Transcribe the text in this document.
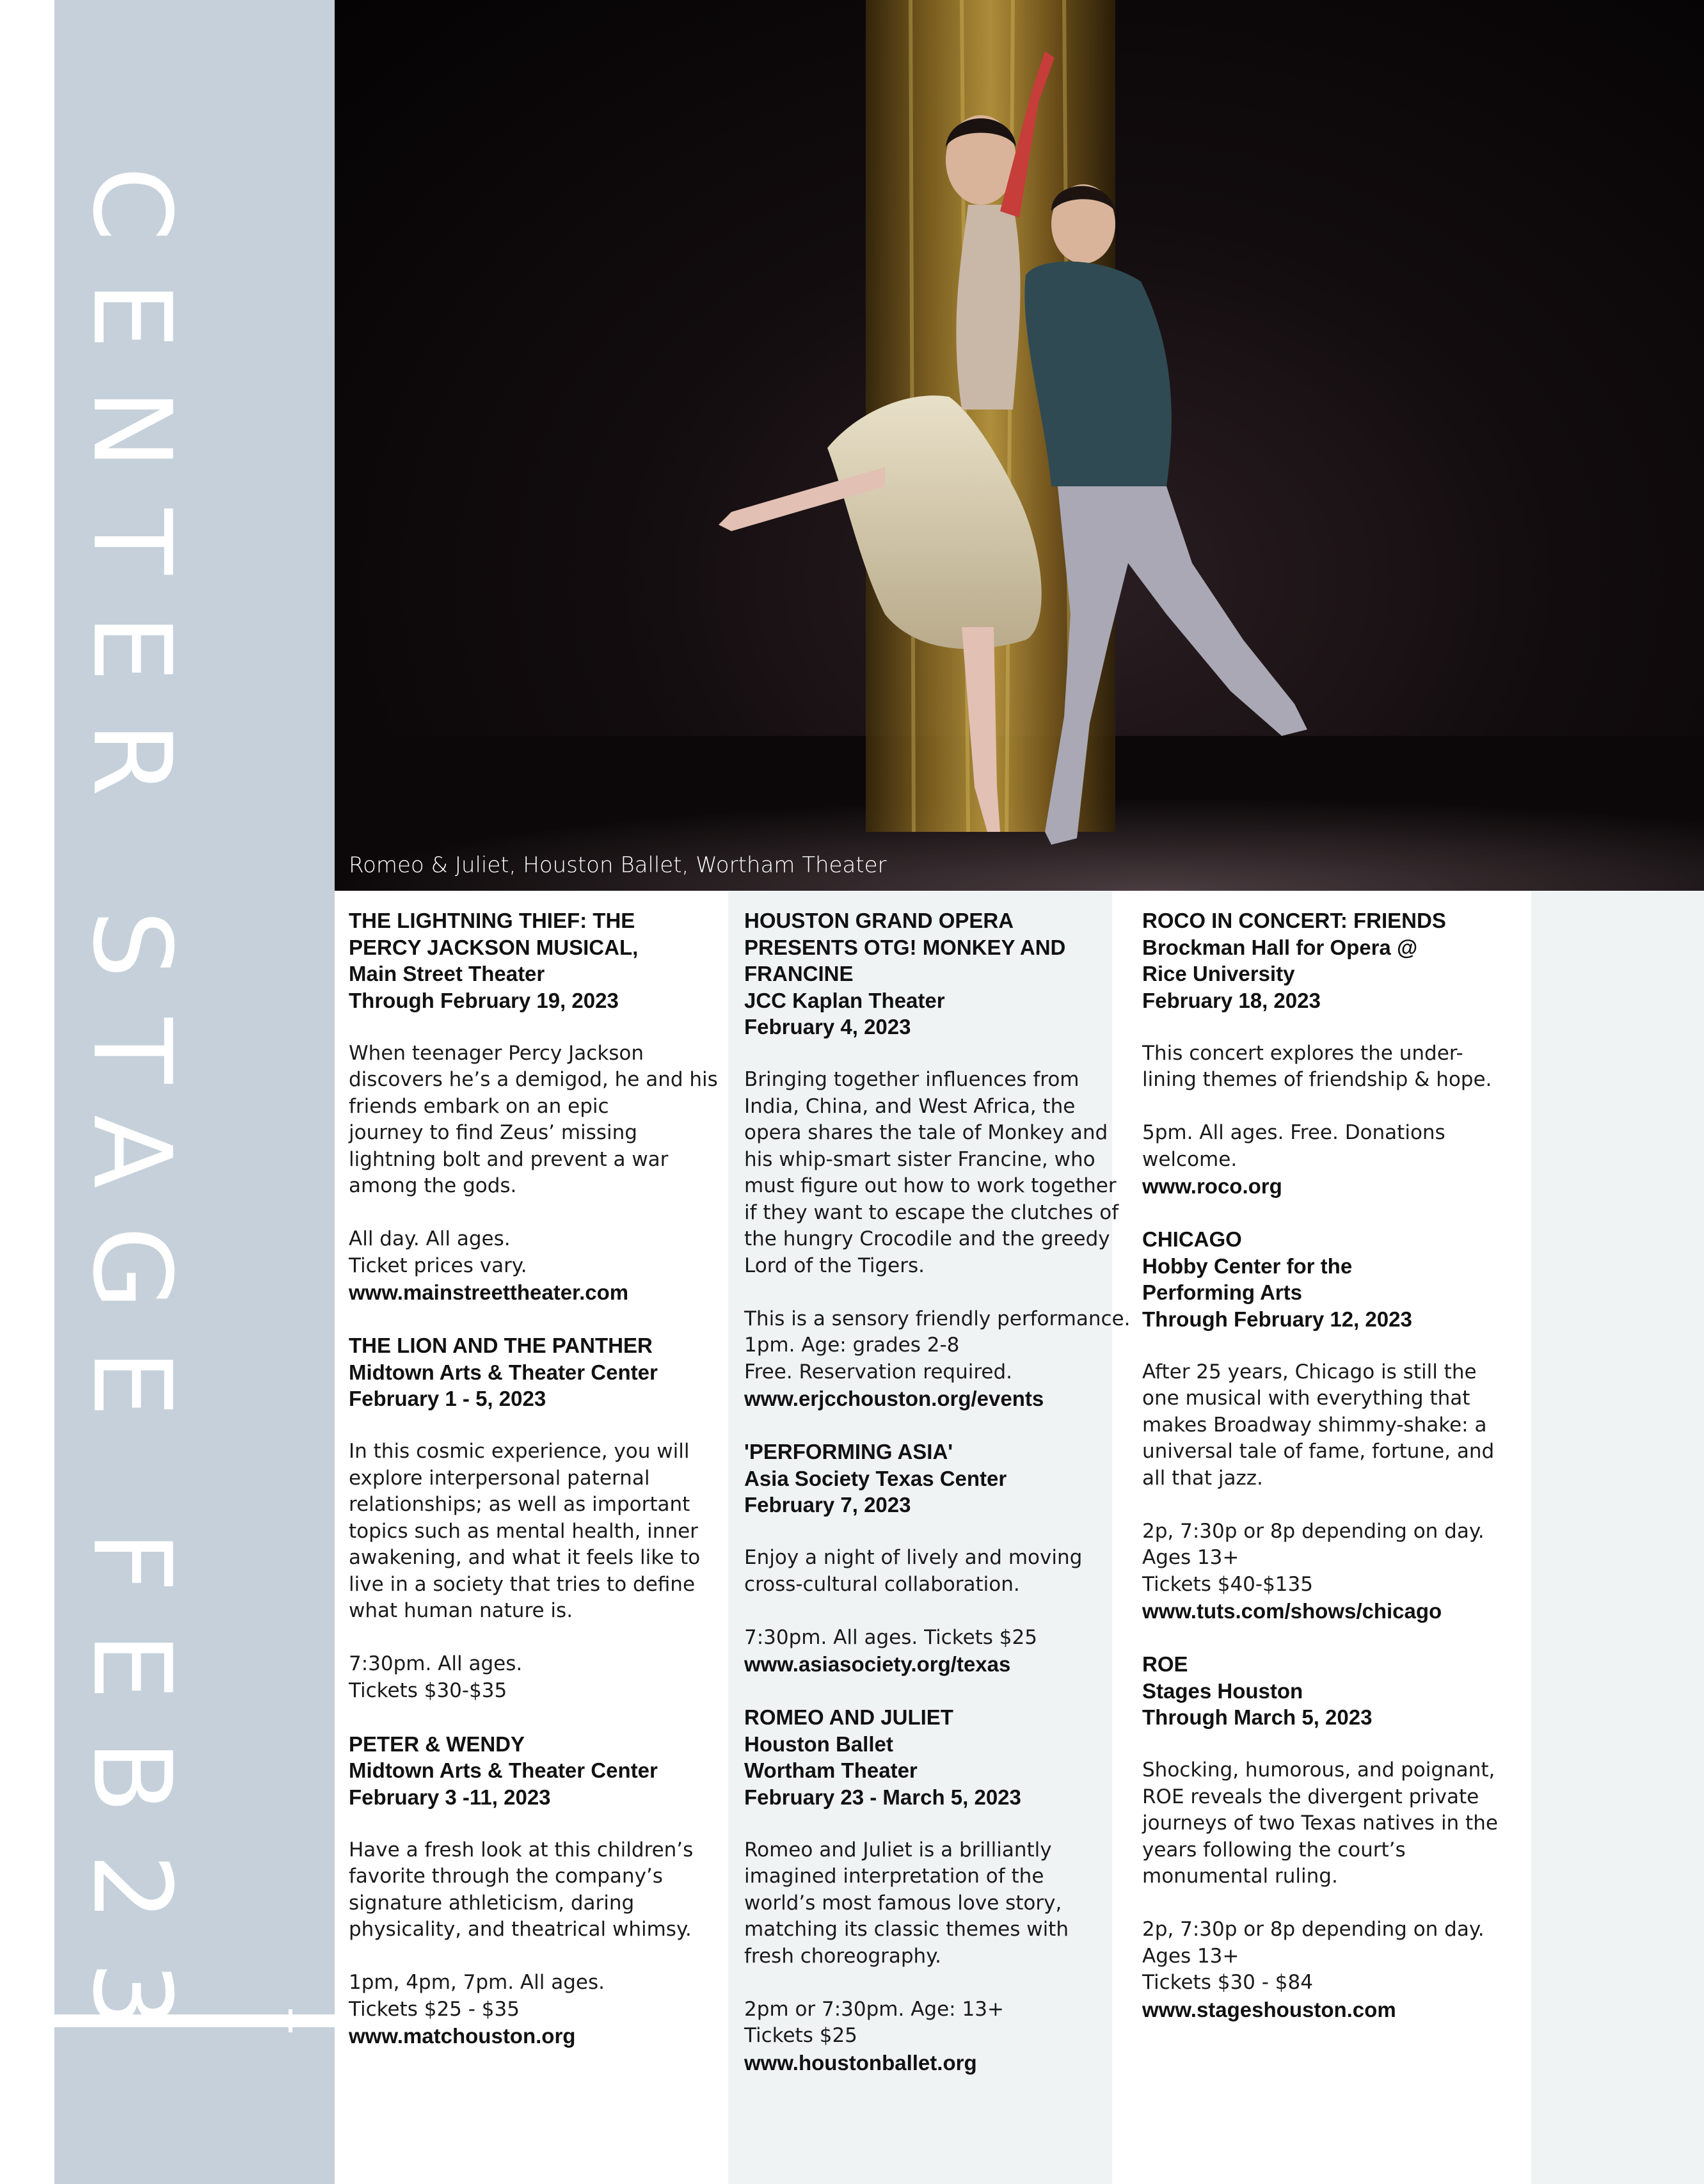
CENTER STAGE FEB23	Romeo & Juliet, Houston Ballet, Wortham Theater
THE LIGHTNING THIEF: THE
PERCY JACKSON MUSICAL,
Main Street Theater
Through February 19, 2023
When teenager Percy Jackson
discovers he’s a demigod, he and his
friends embark on an epic
journey to find Zeus’ missing
lightning bolt and prevent a war
among the gods.
All day. All ages.
Ticket prices vary.
www.mainstreettheater.com
THE LION AND THE PANTHER
Midtown Arts & Theater Center
February 1 - 5, 2023
In this cosmic experience, you will
explore interpersonal paternal
relationships; as well as important
topics such as mental health, inner
awakening, and what it feels like to
live in a society that tries to define
what human nature is.
7:30pm. All ages.
Tickets $30-$35
PETER & WENDY
Midtown Arts & Theater Center
February 3 -11, 2023
Have a fresh look at this children’s
favorite through the company’s
signature athleticism, daring
physicality, and theatrical whimsy.
1pm, 4pm, 7pm. All ages.
Tickets $25 - $35
www.matchouston.org
HOUSTON GRAND OPERA
PRESENTS OTG! MONKEY AND
FRANCINE
JCC Kaplan Theater
February 4, 2023
Bringing together influences from
India, China, and West Africa, the
opera shares the tale of Monkey and
his whip-smart sister Francine, who
must figure out how to work together
if they want to escape the clutches of
the hungry Crocodile and the greedy
Lord of the Tigers.
This is a sensory friendly performance.
1pm. Age: grades 2-8
Free. Reservation required.
www.erjcchouston.org/events
'PERFORMING ASIA'
Asia Society Texas Center
February 7, 2023
Enjoy a night of lively and moving
cross-cultural collaboration.
7:30pm. All ages. Tickets $25
www.asiasociety.org/texas
ROMEO AND JULIET
Houston Ballet
Wortham Theater
February 23 - March 5, 2023
Romeo and Juliet is a brilliantly
imagined interpretation of the
world’s most famous love story,
matching its classic themes with
fresh choreography.
2pm or 7:30pm. Age: 13+
Tickets $25
www.houstonballet.org
ROCO IN CONCERT: FRIENDS
Brockman Hall for Opera @
Rice University
February 18, 2023
This concert explores the under-
lining themes of friendship & hope.
5pm. All ages. Free. Donations
welcome.
www.roco.org
CHICAGO
Hobby Center for the
Performing Arts
Through February 12, 2023
After 25 years, Chicago is still the
one musical with everything that
makes Broadway shimmy-shake: a
universal tale of fame, fortune, and
all that jazz.
2p, 7:30p or 8p depending on day.
Ages 13+
Tickets $40-$135
www.tuts.com/shows/chicago
ROE
Stages Houston
Through March 5, 2023
Shocking, humorous, and poignant,
ROE reveals the divergent private
journeys of two Texas natives in the
years following the court’s
monumental ruling.
2p, 7:30p or 8p depending on day.
Ages 13+
Tickets $30 - $84
www.stageshouston.com
